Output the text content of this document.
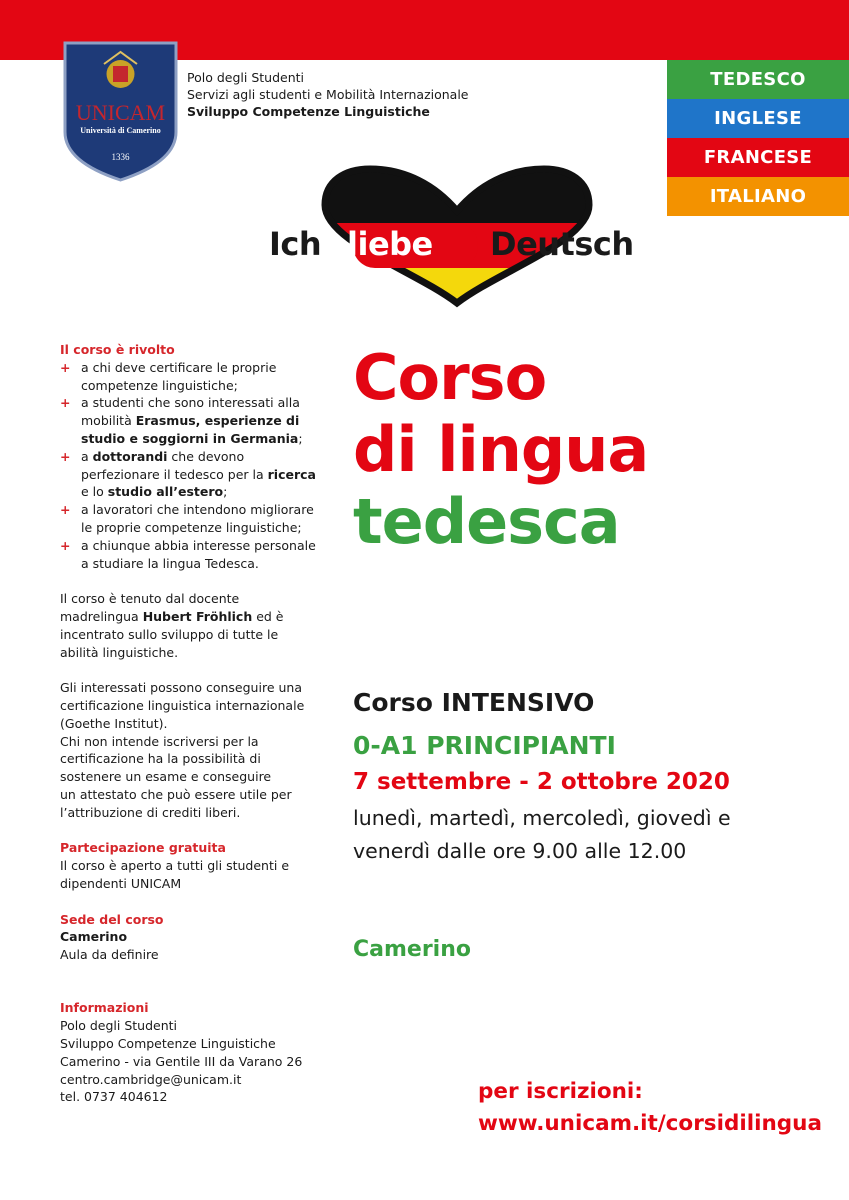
UNICAM
Università di Camerino
1336
Polo degli Studenti
Servizi agli studenti e Mobilità Internazionale
Sviluppo Competenze Linguistiche
TEDESCO
INGLESE
FRANCESE
ITALIANO
Ich liebe Deutsch
Il corso è rivolto
+ a chi deve certificare le proprie
competenze linguistiche;
+ a studenti che sono interessati alla
mobilità Erasmus, esperienze di
studio e soggiorni in Germania;
+ a dottorandi che devono
perfezionare il tedesco per la ricerca
e lo studio all’estero;
+ a lavoratori che intendono migliorare
le proprie competenze linguistiche;
+ a chiunque abbia interesse personale
a studiare la lingua Tedesca.

Il corso è tenuto dal docente
madrelingua Hubert Fröhlich ed è
incentrato sullo sviluppo di tutte le
abilità linguistiche.

Gli interessati possono conseguire una
certificazione linguistica internazionale
(Goethe Institut).
Chi non intende iscriversi per la
certificazione ha la possibilità di
sostenere un esame e conseguire
un attestato che può essere utile per
l’attribuzione di crediti liberi.

Partecipazione gratuita

Il corso è aperto a tutti gli studenti e
dipendenti UNICAM

Sede del corso
Camerino
Aula da definire
Informazioni

Polo degli Studenti
Sviluppo Competenze Linguistiche
Camerino - via Gentile III da Varano 26
centro.cambridge@unicam.it
tel. 0737 404612

Corso
di lingua
tedesca
Corso INTENSIVO
0-A1 PRINCIPIANTI
7 settembre - 2 ottobre 2020
lunedì, martedì, mercoledì, giovedì e
venerdì dalle ore 9.00 alle 12.00
Camerino
per iscrizioni:
www.unicam.it/corsidilingua
